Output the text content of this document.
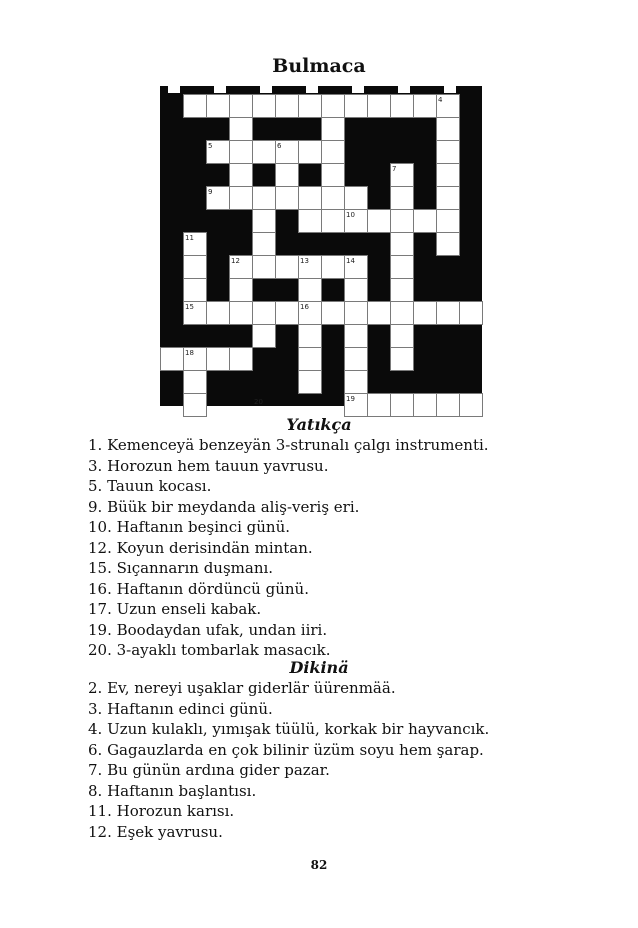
Bulmaca
4
5	6
7
9
10
11
12	13	14
15	16
18
19
20
Yatıkça
1. Kemenceyä benzeyän 3-strunalı çalgı instrumenti.
3. Horozun hem tauun yavrusu.
5. Tauun kocası.
9. Büük bir meydanda aliş-veriş eri.
10. Haftanın beşinci günü.
12. Koyun derisindän mintan.
15. Sıçannarın duşmanı.
16. Haftanın dördüncü günü.
17. Uzun enseli kabak.
19. Boodaydan ufak, undan iiri.
20. 3-ayaklı tombarlak masacık.
Dikinä
2. Ev, nereyi uşaklar giderlär üürenmää.
3. Haftanın edinci günü.
4. Uzun kulaklı, yımışak tüülü, korkak bir hayvancık.
6. Gagauzlarda en çok bilinir üzüm soyu hem şarap.
7. Bu günün ardına gider pazar.
8. Haftanın başlantısı.
11. Horozun karısı.
12. Eşek yavrusu.
82
